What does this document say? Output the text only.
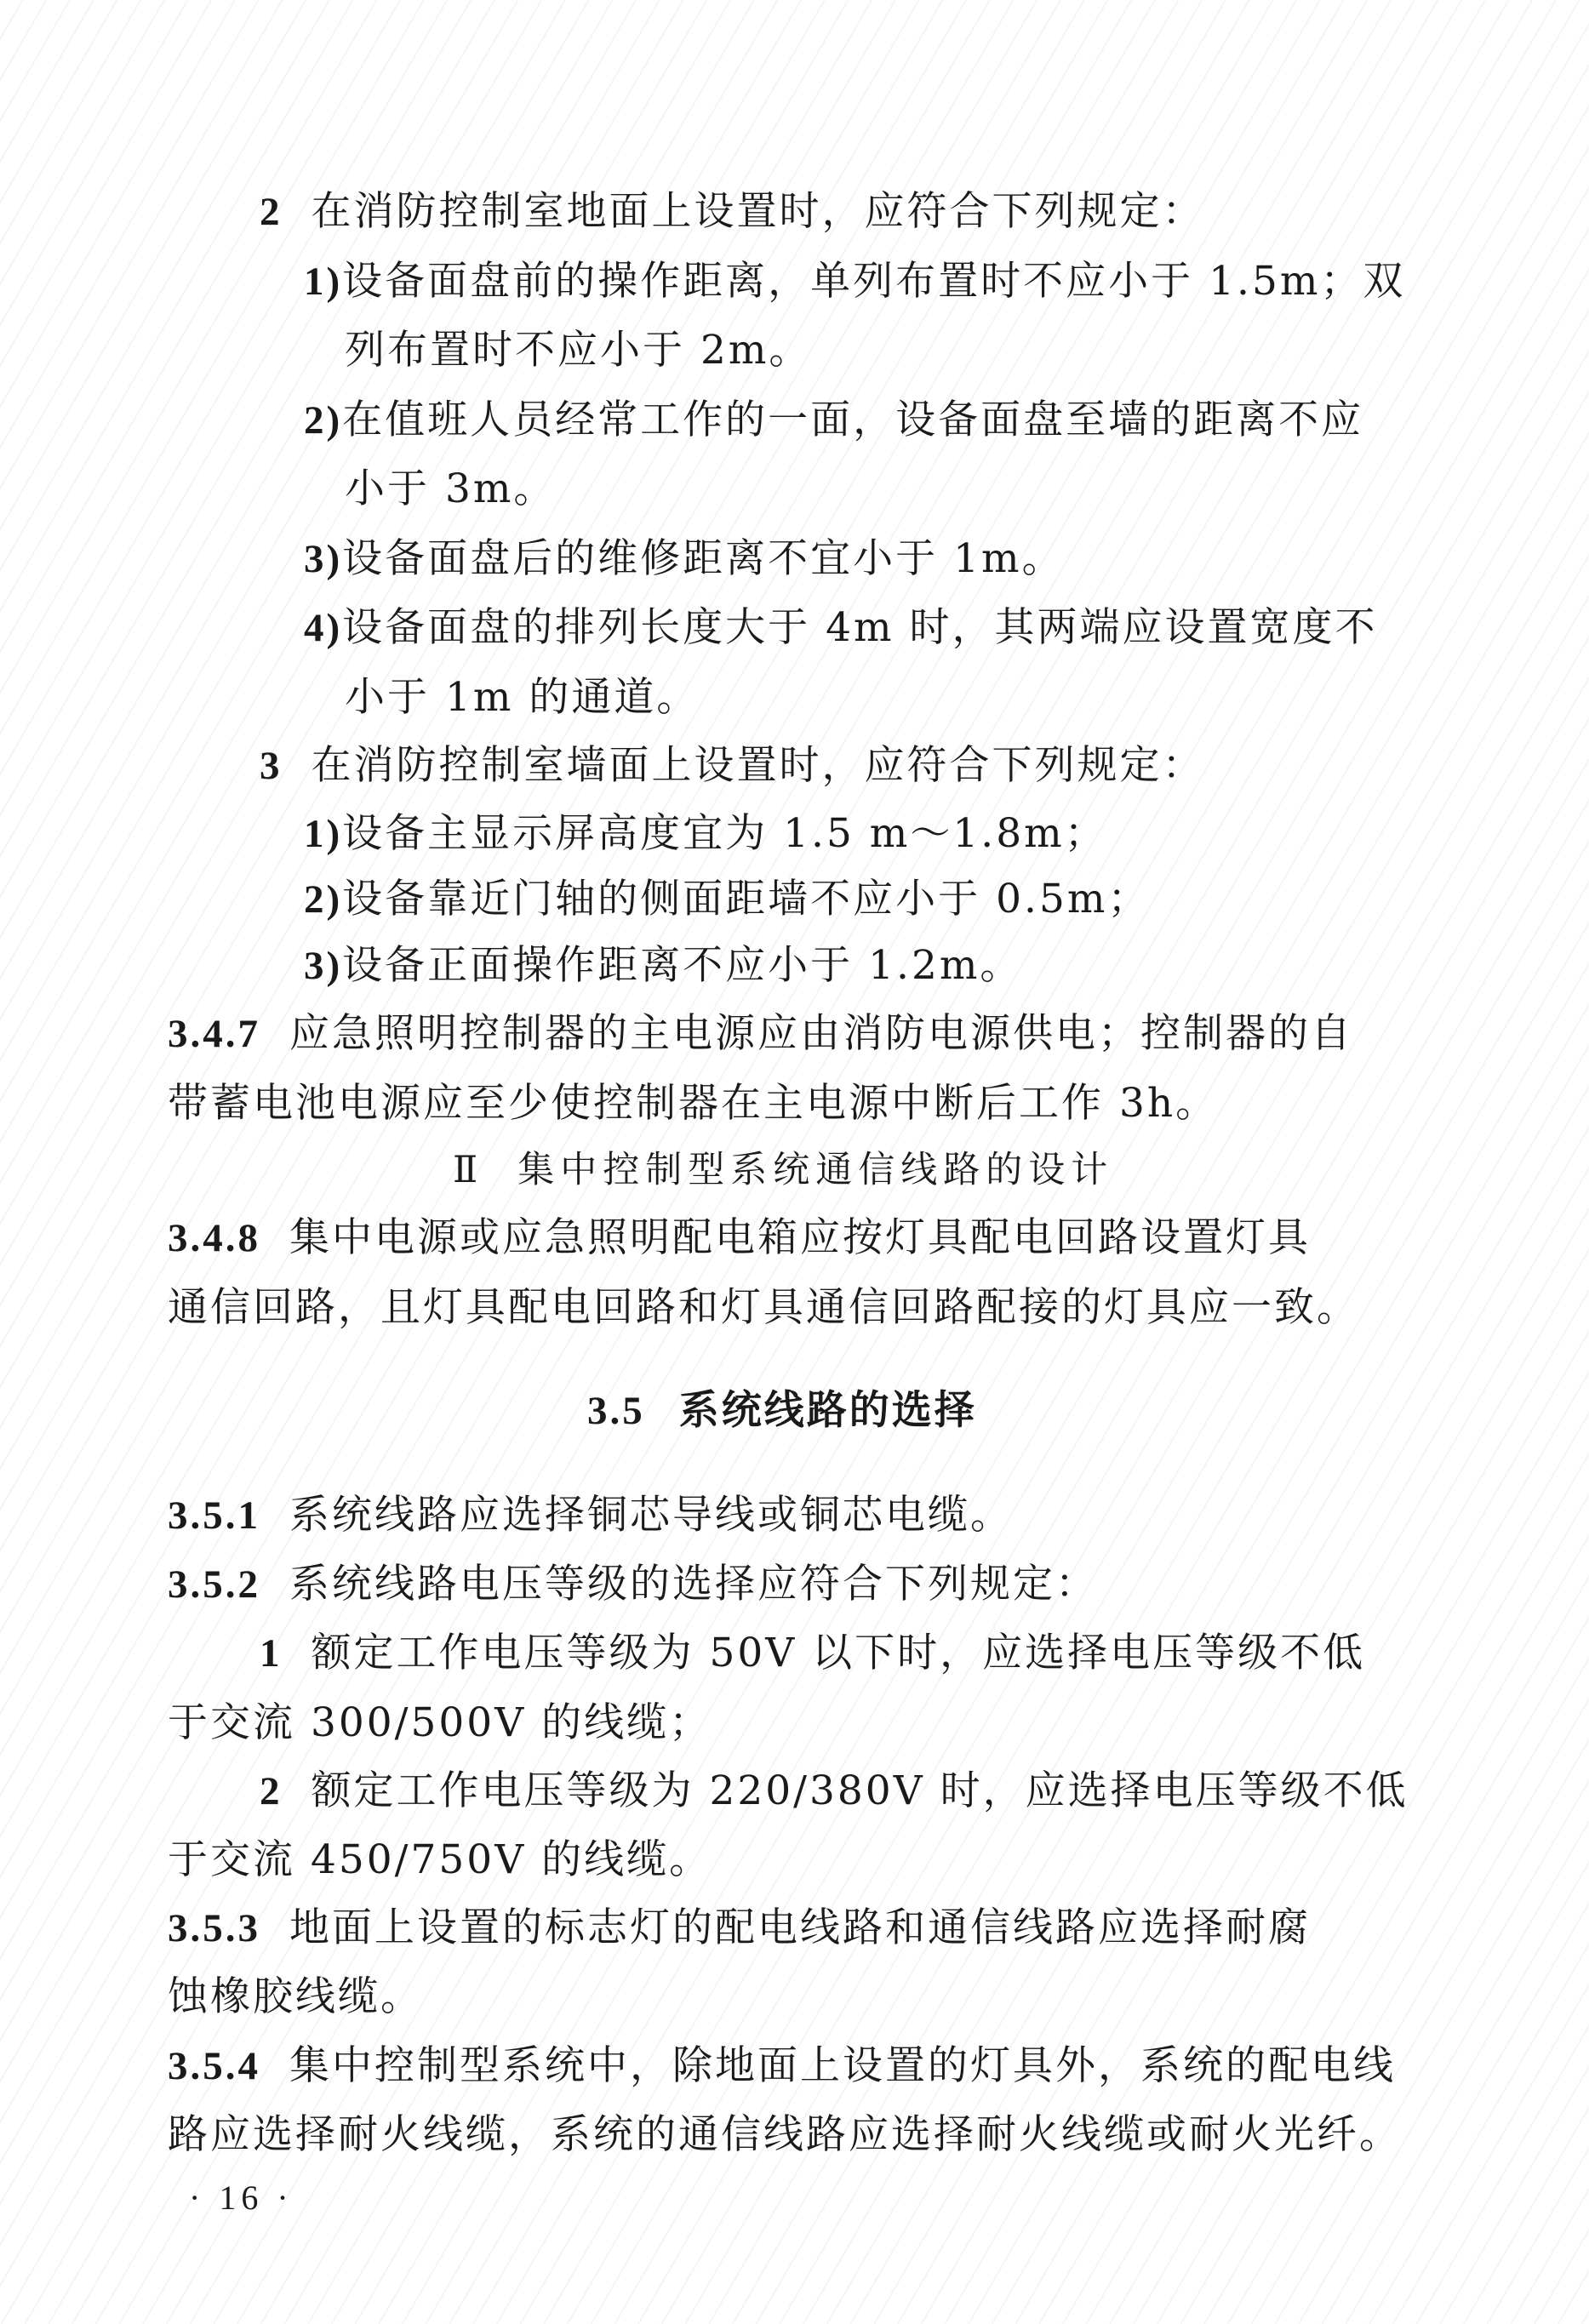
2 在消防控制室地面上设置时，应符合下列规定：
1)设备面盘前的操作距离，单列布置时不应小于 1.5m；双
列布置时不应小于 2m。
2)在值班人员经常工作的一面，设备面盘至墙的距离不应
小于 3m。
3)设备面盘后的维修距离不宜小于 1m。
4)设备面盘的排列长度大于 4m 时，其两端应设置宽度不
小于 1m 的通道。
3 在消防控制室墙面上设置时，应符合下列规定：
1)设备主显示屏高度宜为 1.5 m～1.8m；
2)设备靠近门轴的侧面距墙不应小于 0.5m；
3)设备正面操作距离不应小于 1.2m。
3.4.7 应急照明控制器的主电源应由消防电源供电；控制器的自
带蓄电池电源应至少使控制器在主电源中断后工作 3h。
Ⅱ 集中控制型系统通信线路的设计
3.4.8 集中电源或应急照明配电箱应按灯具配电回路设置灯具
通信回路，且灯具配电回路和灯具通信回路配接的灯具应一致。
3.5 系统线路的选择
3.5.1 系统线路应选择铜芯导线或铜芯电缆。
3.5.2 系统线路电压等级的选择应符合下列规定：
1 额定工作电压等级为 50V 以下时，应选择电压等级不低
于交流 300/500V 的线缆；
2 额定工作电压等级为 220/380V 时，应选择电压等级不低
于交流 450/750V 的线缆。
3.5.3 地面上设置的标志灯的配电线路和通信线路应选择耐腐
蚀橡胶线缆。
3.5.4 集中控制型系统中，除地面上设置的灯具外，系统的配电线
路应选择耐火线缆，系统的通信线路应选择耐火线缆或耐火光纤。
· 16 ·
